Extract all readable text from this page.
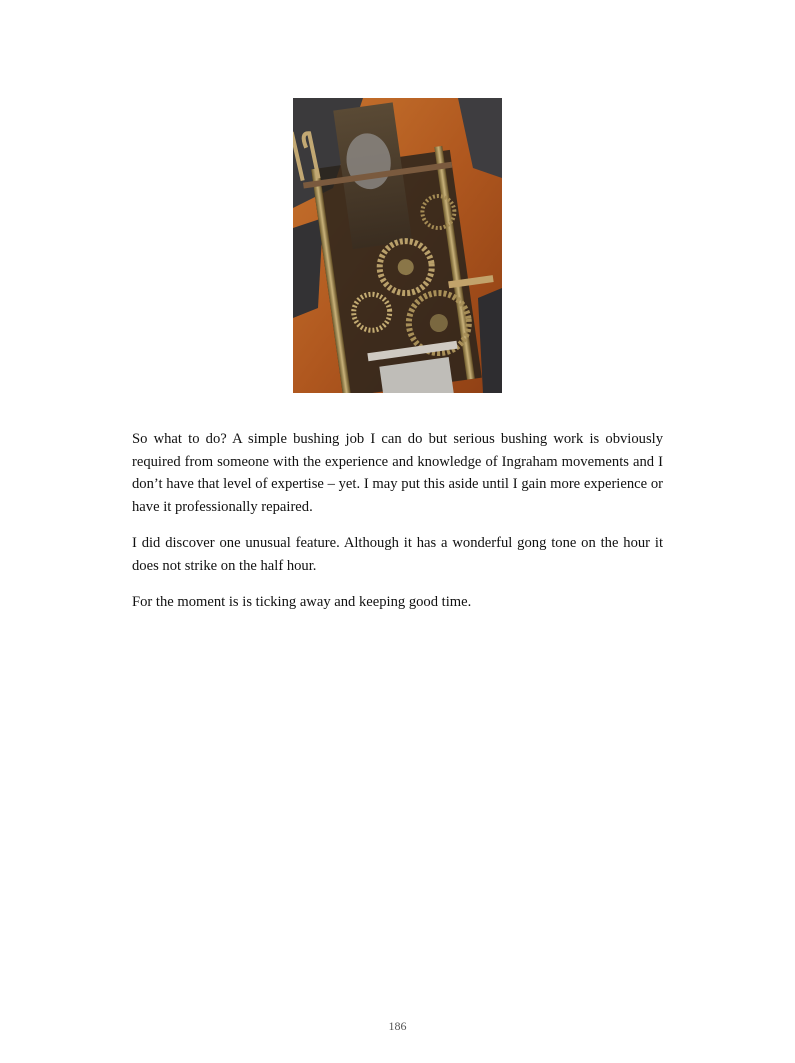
So what to do? A simple bushing job I can do but serious bushing work is obviously required from someone with the experience and knowledge of Ingraham movements and I don’t have that level of expertise – yet. I may put this aside until I gain more experience or have it professionally repaired.

I did discover one unusual feature. Although it has a wonderful gong tone on the hour it does not strike on the half hour.

For the moment is is ticking away and keeping good time.

186
